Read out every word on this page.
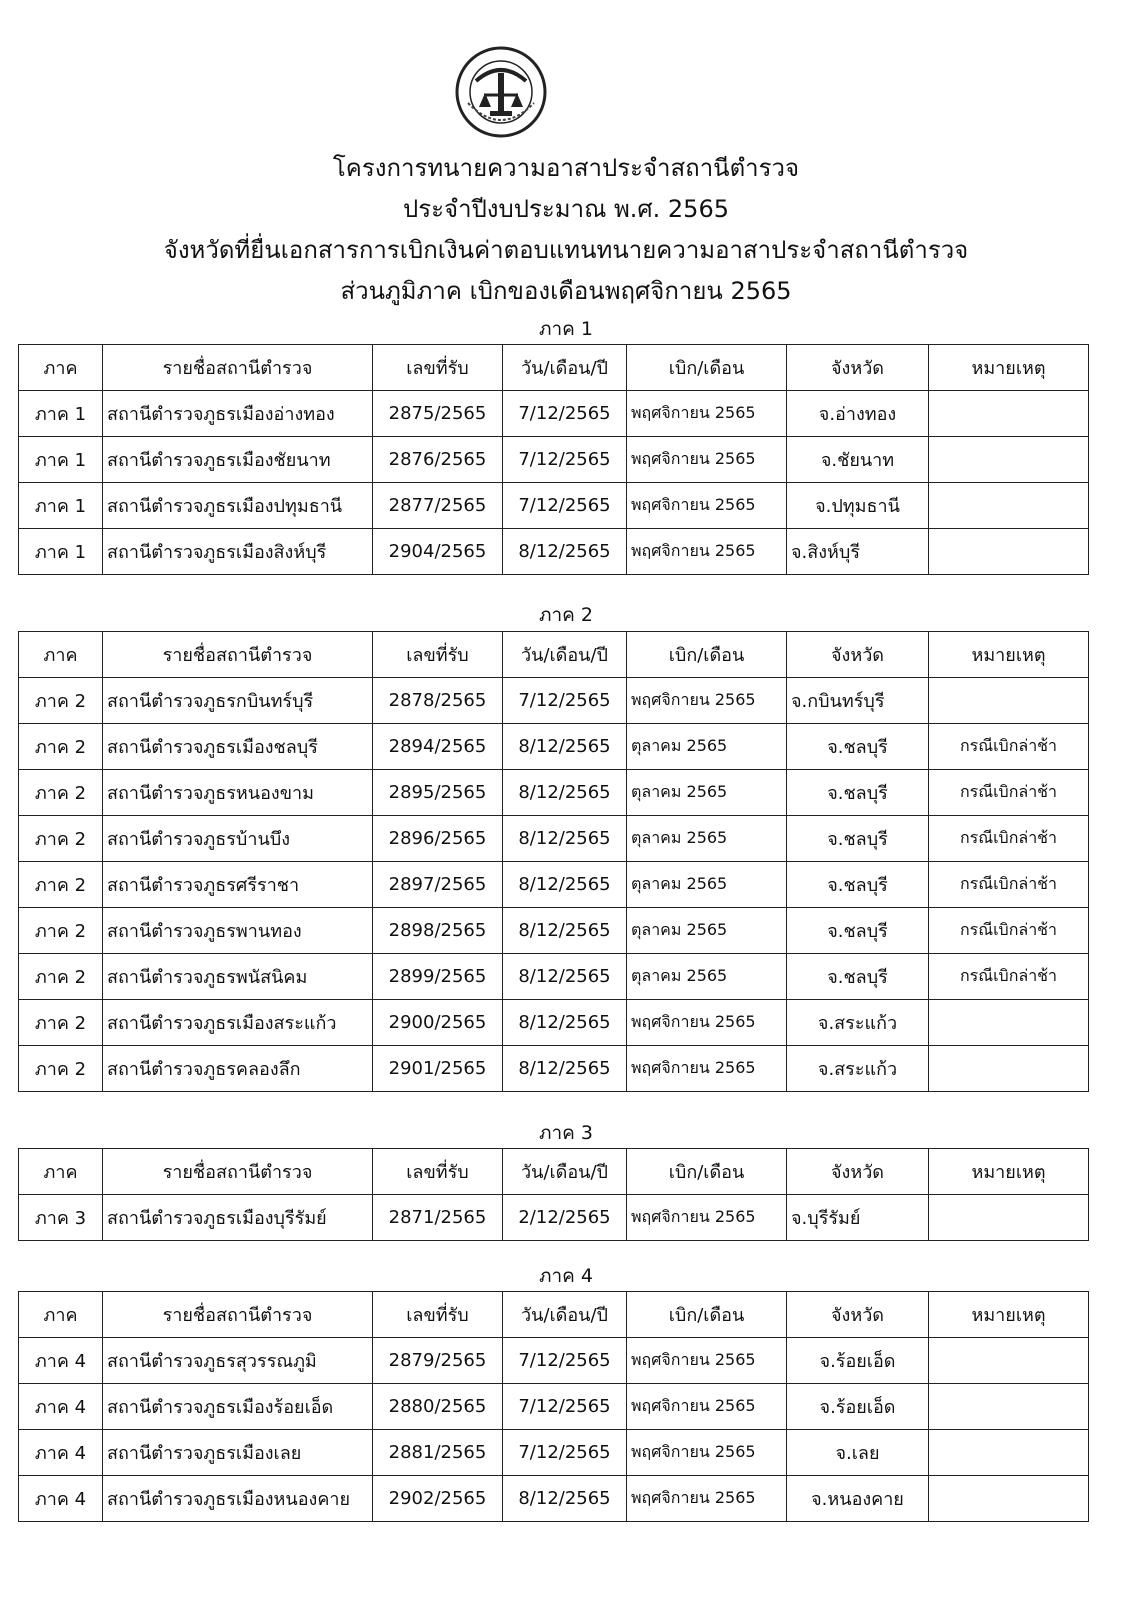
โครงการทนายความอาสาประจำสถานีตำรวจ
ประจำปีงบประมาณ พ.ศ. 2565
จังหวัดที่ยื่นเอกสารการเบิกเงินค่าตอบแทนทนายความอาสาประจำสถานีตำรวจ
ส่วนภูมิภาค เบิกของเดือนพฤศจิกายน 2565
ภาค 1
ภาค	รายชื่อสถานีตำรวจ	เลขที่รับ	วัน/เดือน/ปี	เบิก/เดือน	จังหวัด	หมายเหตุ
ภาค 1	สถานีตำรวจภูธรเมืองอ่างทอง	2875/2565	7/12/2565	พฤศจิกายน 2565	จ.อ่างทอง	
ภาค 1	สถานีตำรวจภูธรเมืองชัยนาท	2876/2565	7/12/2565	พฤศจิกายน 2565	จ.ชัยนาท	
ภาค 1	สถานีตำรวจภูธรเมืองปทุมธานี	2877/2565	7/12/2565	พฤศจิกายน 2565	จ.ปทุมธานี	
ภาค 1	สถานีตำรวจภูธรเมืองสิงห์บุรี	2904/2565	8/12/2565	พฤศจิกายน 2565	จ.สิงห์บุรี	
ภาค 2
ภาค	รายชื่อสถานีตำรวจ	เลขที่รับ	วัน/เดือน/ปี	เบิก/เดือน	จังหวัด	หมายเหตุ
ภาค 2	สถานีตำรวจภูธรกบินทร์บุรี	2878/2565	7/12/2565	พฤศจิกายน 2565	จ.กบินทร์บุรี	
ภาค 2	สถานีตำรวจภูธรเมืองชลบุรี	2894/2565	8/12/2565	ตุลาคม 2565	จ.ชลบุรี	กรณีเบิกล่าช้า
ภาค 2	สถานีตำรวจภูธรหนองขาม	2895/2565	8/12/2565	ตุลาคม 2565	จ.ชลบุรี	กรณีเบิกล่าช้า
ภาค 2	สถานีตำรวจภูธรบ้านบึง	2896/2565	8/12/2565	ตุลาคม 2565	จ.ชลบุรี	กรณีเบิกล่าช้า
ภาค 2	สถานีตำรวจภูธรศรีราชา	2897/2565	8/12/2565	ตุลาคม 2565	จ.ชลบุรี	กรณีเบิกล่าช้า
ภาค 2	สถานีตำรวจภูธรพานทอง	2898/2565	8/12/2565	ตุลาคม 2565	จ.ชลบุรี	กรณีเบิกล่าช้า
ภาค 2	สถานีตำรวจภูธรพนัสนิคม	2899/2565	8/12/2565	ตุลาคม 2565	จ.ชลบุรี	กรณีเบิกล่าช้า
ภาค 2	สถานีตำรวจภูธรเมืองสระแก้ว	2900/2565	8/12/2565	พฤศจิกายน 2565	จ.สระแก้ว	
ภาค 2	สถานีตำรวจภูธรคลองลึก	2901/2565	8/12/2565	พฤศจิกายน 2565	จ.สระแก้ว	
ภาค 3
ภาค	รายชื่อสถานีตำรวจ	เลขที่รับ	วัน/เดือน/ปี	เบิก/เดือน	จังหวัด	หมายเหตุ
ภาค 3	สถานีตำรวจภูธรเมืองบุรีรัมย์	2871/2565	2/12/2565	พฤศจิกายน 2565	จ.บุรีรัมย์	
ภาค 4
ภาค	รายชื่อสถานีตำรวจ	เลขที่รับ	วัน/เดือน/ปี	เบิก/เดือน	จังหวัด	หมายเหตุ
ภาค 4	สถานีตำรวจภูธรสุวรรณภูมิ	2879/2565	7/12/2565	พฤศจิกายน 2565	จ.ร้อยเอ็ด	
ภาค 4	สถานีตำรวจภูธรเมืองร้อยเอ็ด	2880/2565	7/12/2565	พฤศจิกายน 2565	จ.ร้อยเอ็ด	
ภาค 4	สถานีตำรวจภูธรเมืองเลย	2881/2565	7/12/2565	พฤศจิกายน 2565	จ.เลย	
ภาค 4	สถานีตำรวจภูธรเมืองหนองคาย	2902/2565	8/12/2565	พฤศจิกายน 2565	จ.หนองคาย	
